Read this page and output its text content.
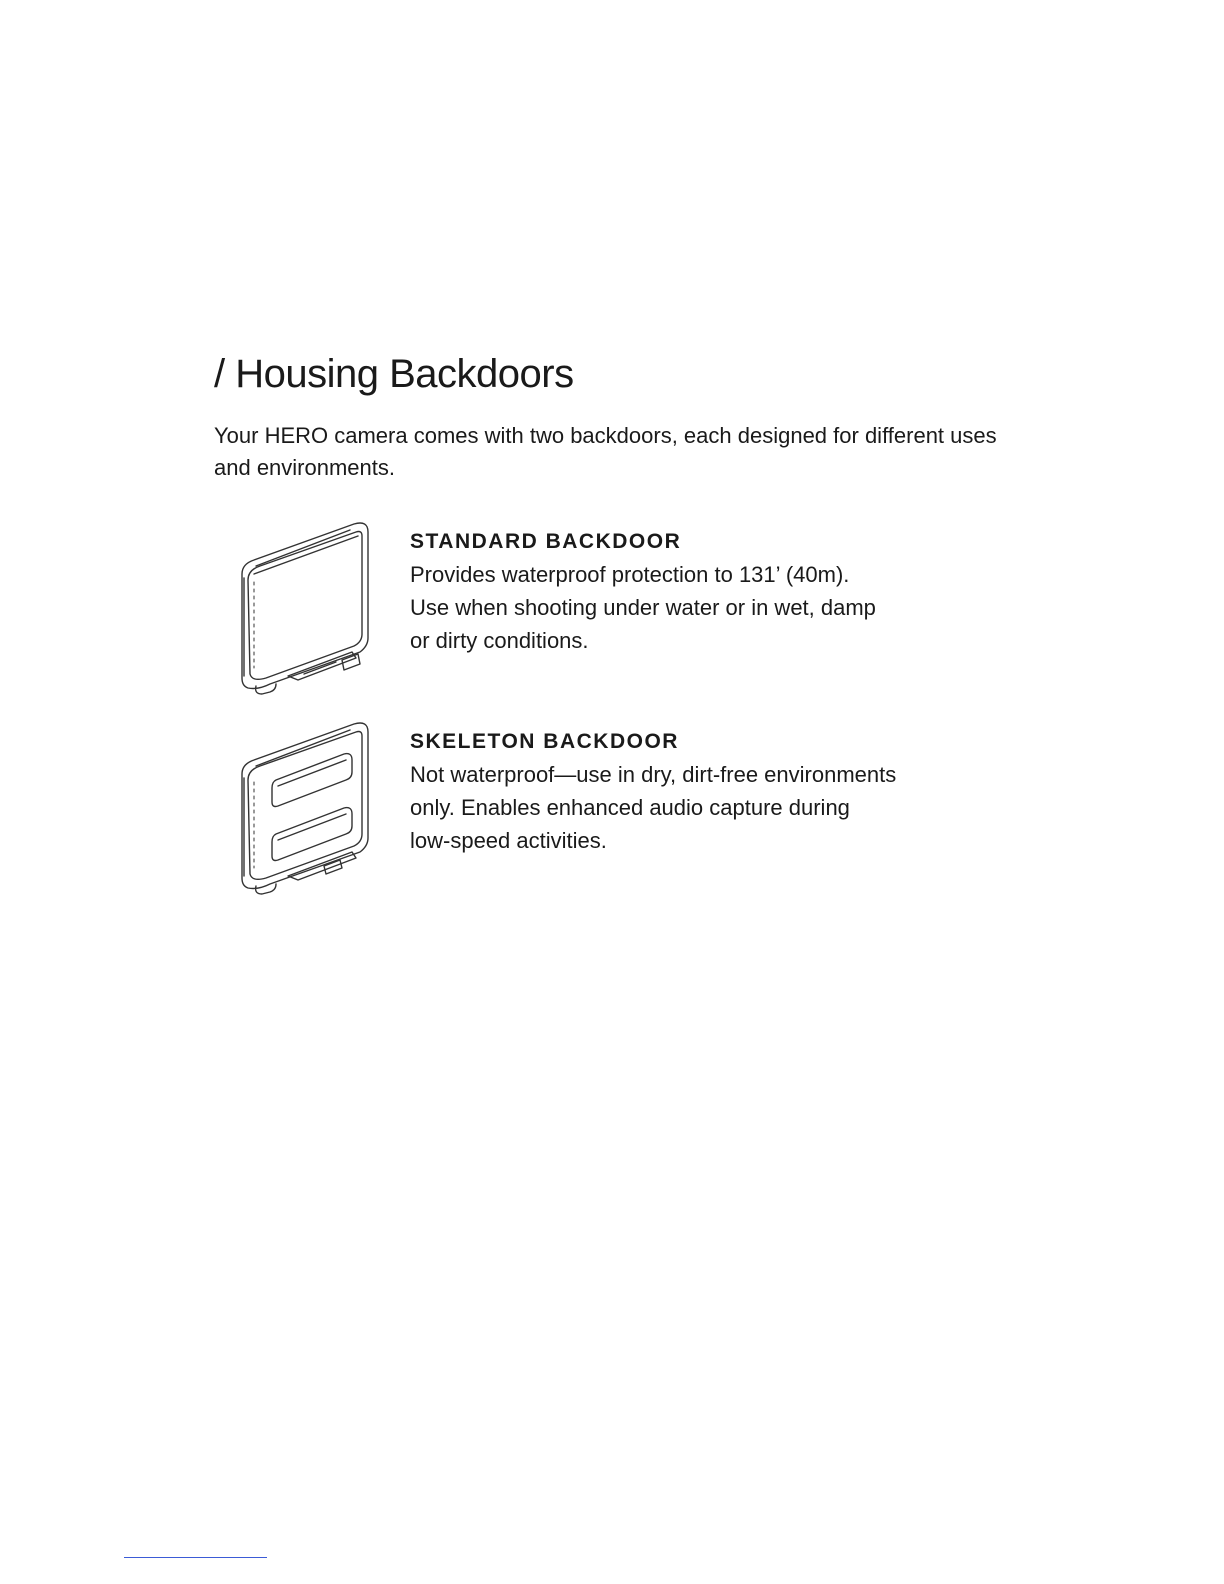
/ Housing Backdoors

Your HERO camera comes with two backdoors, each designed for different uses and environments.

STANDARD BACKDOOR

Provides waterproof protection to 131’ (40m).
Use when shooting under water or in wet, damp
or dirty conditions.

SKELETON BACKDOOR

Not waterproof—use in dry, dirt-free environments
only. Enables enhanced audio capture during
low-speed activities.
